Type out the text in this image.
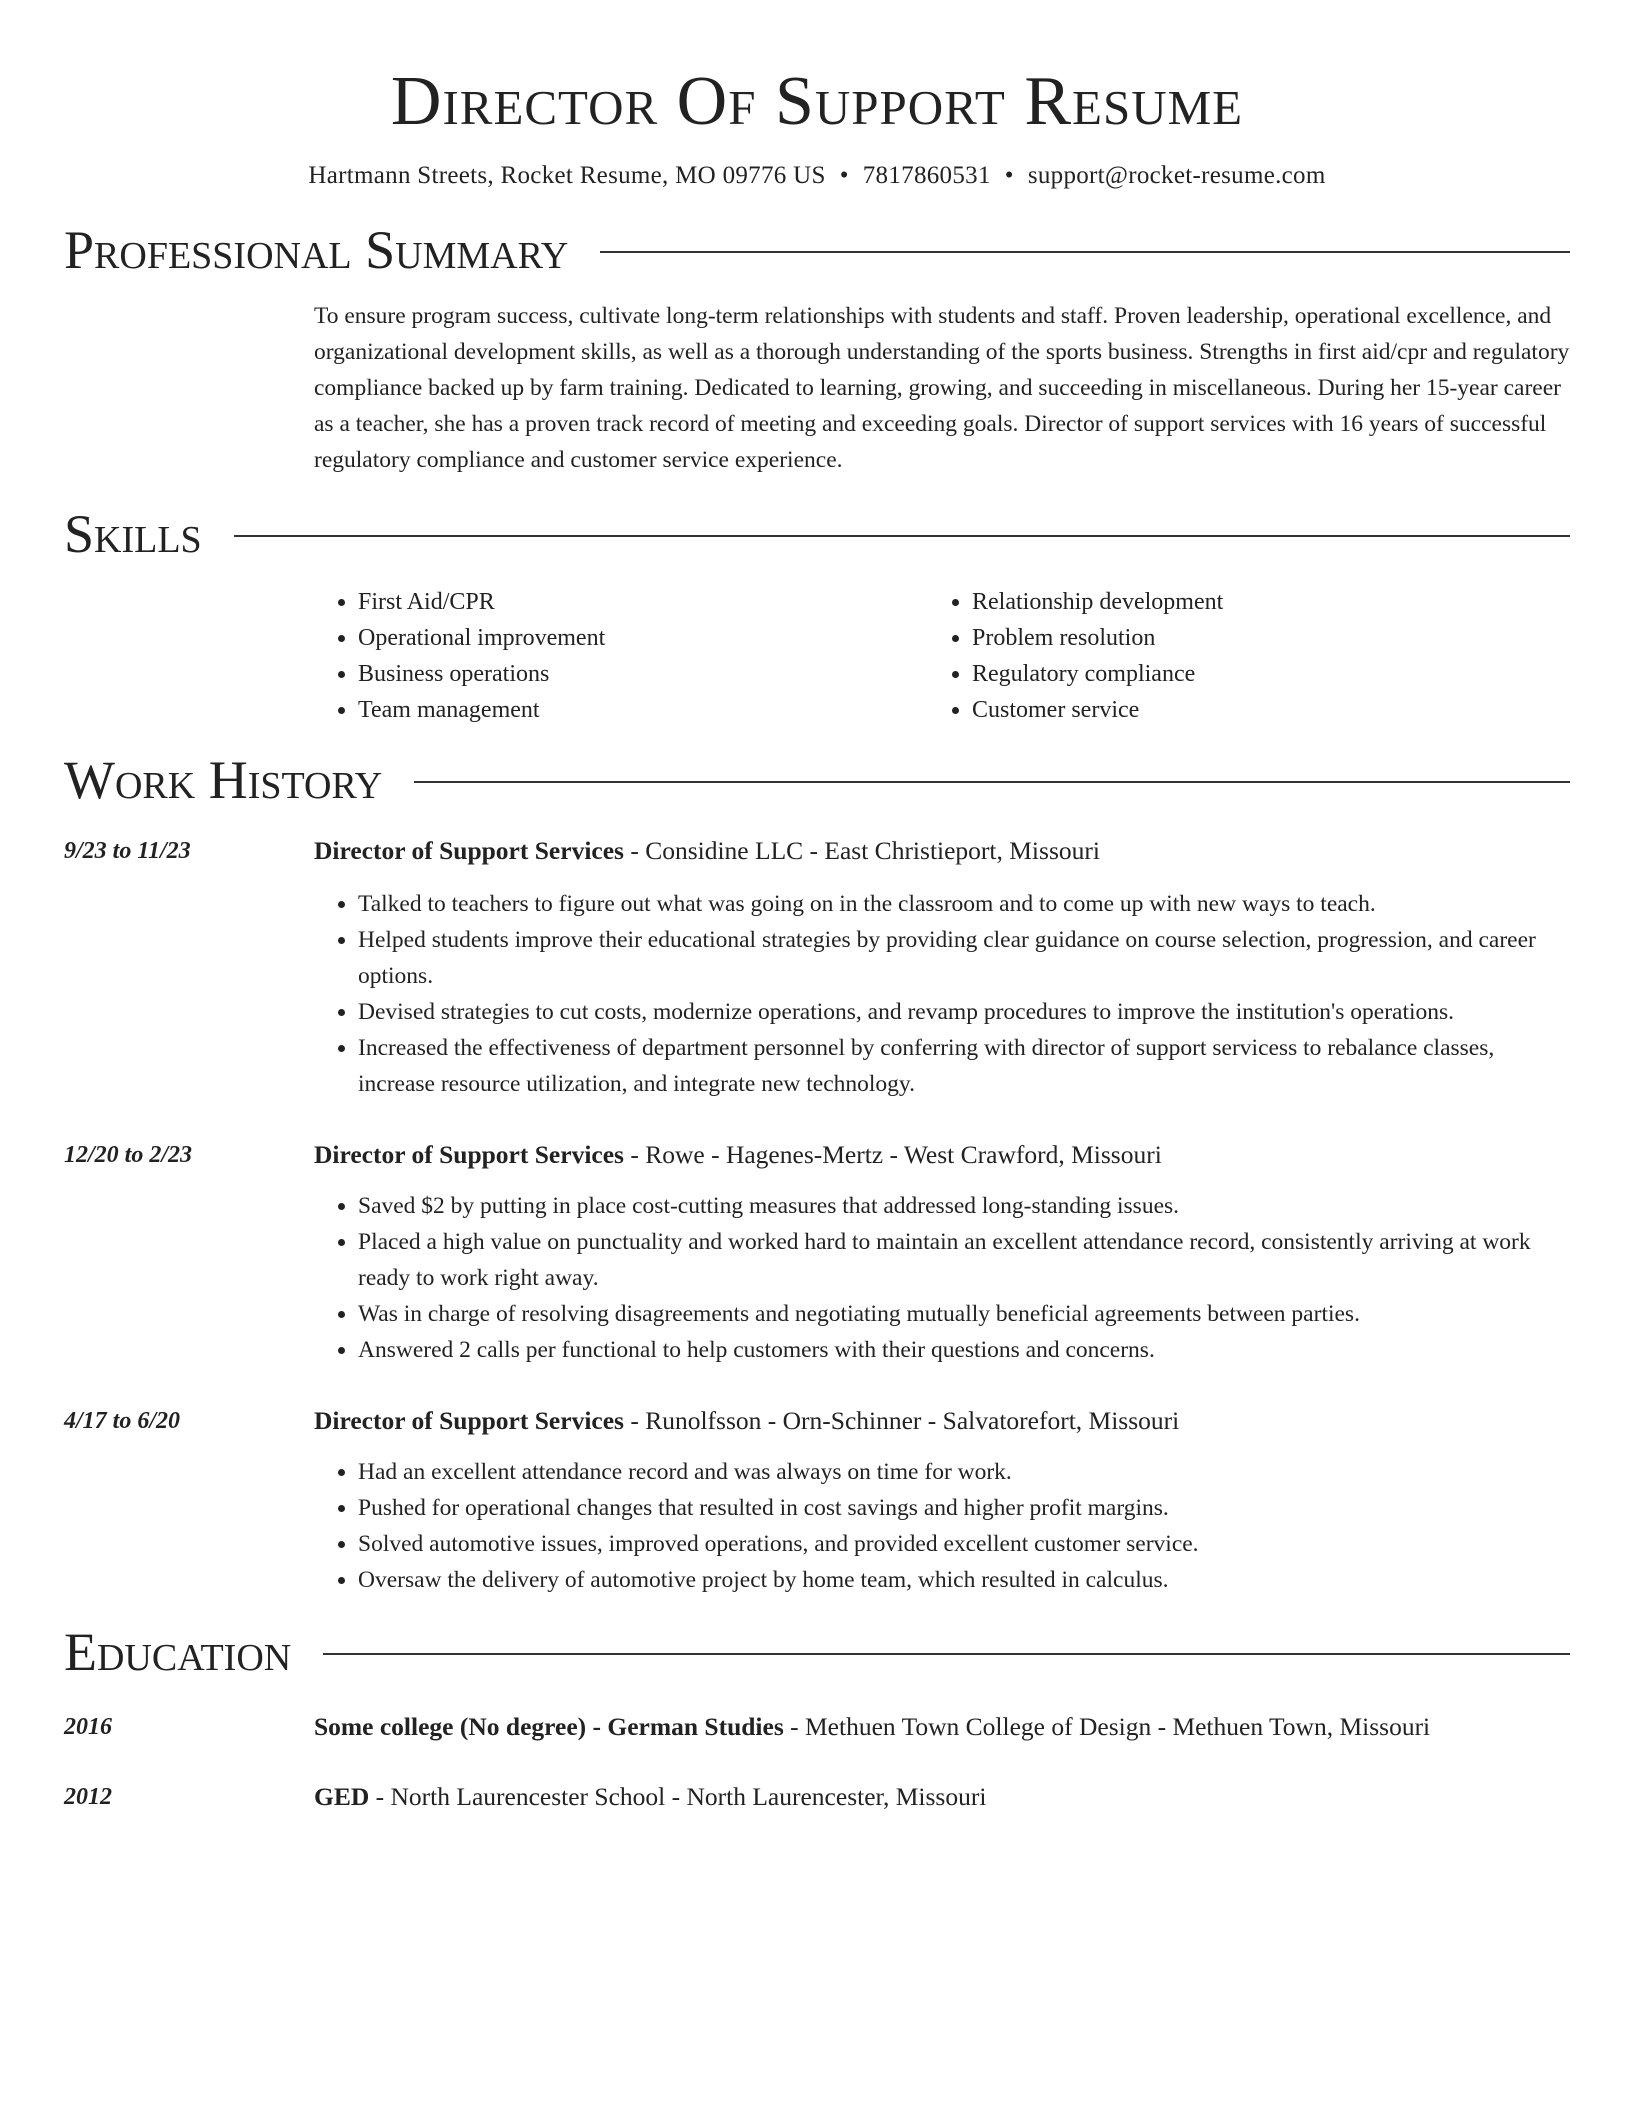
Director Of Support Resume
Hartmann Streets, Rocket Resume, MO 09776 US • 7817860531 • support@rocket-resume.com
Professional Summary

To ensure program success, cultivate long-term relationships with students and staff. Proven leadership, operational excellence, and organizational development skills, as well as a thorough understanding of the sports business. Strengths in first aid/cpr and regulatory compliance backed up by farm training. Dedicated to learning, growing, and succeeding in miscellaneous. During her 15-year career as a teacher, she has a proven track record of meeting and exceeding goals. Director of support services with 16 years of successful regulatory compliance and customer service experience.

Skills
• First Aid/CPR
• Operational improvement
• Business operations
• Team management
• Relationship development
• Problem resolution
• Regulatory compliance
• Customer service
Work History
9/23 to 11/23	Director of Support Services - Considine LLC - East Christieport, Missouri
• Talked to teachers to figure out what was going on in the classroom and to come up with new ways to teach.
• Helped students improve their educational strategies by providing clear guidance on course selection, progression, and career options.
• Devised strategies to cut costs, modernize operations, and revamp procedures to improve the institution's operations.
• Increased the effectiveness of department personnel by conferring with director of support servicess to rebalance classes, increase resource utilization, and integrate new technology.
12/20 to 2/23	Director of Support Services - Rowe - Hagenes-Mertz - West Crawford, Missouri
• Saved $2 by putting in place cost-cutting measures that addressed long-standing issues.
• Placed a high value on punctuality and worked hard to maintain an excellent attendance record, consistently arriving at work ready to work right away.
• Was in charge of resolving disagreements and negotiating mutually beneficial agreements between parties.
• Answered 2 calls per functional to help customers with their questions and concerns.
4/17 to 6/20	Director of Support Services - Runolfsson - Orn-Schinner - Salvatorefort, Missouri
• Had an excellent attendance record and was always on time for work.
• Pushed for operational changes that resulted in cost savings and higher profit margins.
• Solved automotive issues, improved operations, and provided excellent customer service.
• Oversaw the delivery of automotive project by home team, which resulted in calculus.
Education
2016	Some college (No degree) - German Studies - Methuen Town College of Design - Methuen Town, Missouri
2012	GED - North Laurencester School - North Laurencester, Missouri
